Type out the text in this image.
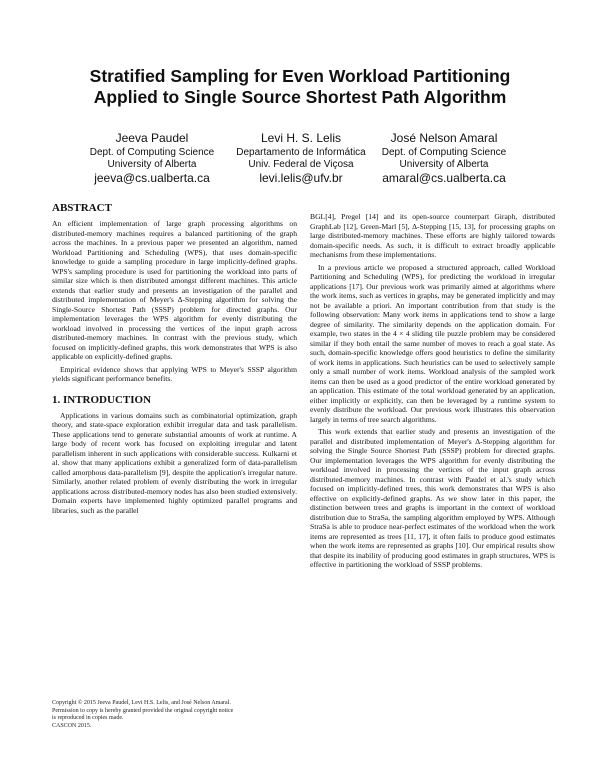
Stratified Sampling for Even Workload Partitioning
Applied to Single Source Shortest Path Algorithm
Jeeva Paudel
Dept. of Computing Science
University of Alberta
jeeva@cs.ualberta.ca
Levi H. S. Lelis
Departamento de Informática
Univ. Federal de Viçosa
levi.lelis@ufv.br
José Nelson Amaral
Dept. of Computing Science
University of Alberta
amaral@cs.ualberta.ca
ABSTRACT

An efficient implementation of large graph processing algorithms on distributed-memory machines requires a balanced partitioning of the graph across the machines. In a previous paper we presented an algorithm, named Workload Partitioning and Scheduling (WPS), that uses domain-specific knowledge to guide a sampling procedure in large implicitly-defined graphs. WPS's sampling procedure is used for partitioning the workload into parts of similar size which is then distributed amongst different machines. This article extends that earlier study and presents an investigation of the parallel and distributed implementation of Meyer's Δ-Stepping algorithm for solving the Single-Source Shortest Path (SSSP) problem for directed graphs. Our implementation leverages the WPS algorithm for evenly distributing the workload involved in processing the vertices of the input graph across distributed-memory machines. In contrast with the previous study, which focused on implicitly-defined graphs, this work demonstrates that WPS is also applicable on explicitly-defined graphs.

Empirical evidence shows that applying WPS to Meyer's SSSP algorithm yields significant performance benefits.

1. INTRODUCTION

Applications in various domains such as combinatorial optimization, graph theory, and state-space exploration exhibit irregular data and task parallelism. These applications tend to generate substantial amounts of work at runtime. A large body of recent work has focused on exploiting irregular and latent parallelism inherent in such applications with considerable success. Kulkarni et al. show that many applications exhibit a generalized form of data-parallelism called amorphous data-parallelism [9], despite the application's irregular nature. Similarly, another related problem of evenly distributing the work in irregular applications across distributed-memory nodes has also been studied extensively. Domain experts have implemented highly optimized parallel programs and libraries, such as the parallel

BGL[4], Pregel [14] and its open-source counterpart Giraph, distributed GraphLab [12], Green-Marl [5], Δ-Stepping [15, 13], for processing graphs on large distributed-memory machines. These efforts are highly tailored towards domain-specific needs. As such, it is difficult to extract broadly applicable mechanisms from these implementations.

In a previous article we proposed a structured approach, called Workload Partitioning and Scheduling (WPS), for predicting the workload in irregular applications [17]. Our previous work was primarily aimed at algorithms where the work items, such as vertices in graphs, may be generated implicitly and may not be available a priori. An important contribution from that study is the following observation: Many work items in applications tend to show a large degree of similarity. The similarity depends on the application domain. For example, two states in the 4 × 4 sliding tile puzzle problem may be considered similar if they both entail the same number of moves to reach a goal state. As such, domain-specific knowledge offers good heuristics to define the similarity of work items in applications. Such heuristics can be used to selectively sample only a small number of work items. Workload analysis of the sampled work items can then be used as a good predictor of the entire workload generated by an application. This estimate of the total workload generated by an application, either implicitly or explicitly, can then be leveraged by a runtime system to evenly distribute the workload. Our previous work illustrates this observation largely in terms of tree search algorithms.

This work extends that earlier study and presents an investigation of the parallel and distributed implementation of Meyer's Δ-Stepping algorithm for solving the Single Source Shortest Path (SSSP) problem for directed graphs. Our implementation leverages the WPS algorithm for evenly distributing the workload involved in processing the vertices of the input graph across distributed-memory machines. In contrast with Paudel et al.'s study which focused on implicitly-defined trees, this work demonstrates that WPS is also effective on explicitly-defined graphs. As we show later in this paper, the distinction between trees and graphs is important in the context of workload distribution due to StraSa, the sampling algorithm employed by WPS. Although StraSa is able to produce near-perfect estimates of the workload when the work items are represented as trees [11, 17], it often fails to produce good estimates when the work items are represented as graphs [10]. Our empirical results show that despite its inability of producing good estimates in graph structures, WPS is effective in partitioning the workload of SSSP problems.

Copyright © 2015 Jeeva Paudel, Levi H.S. Lelis, and José Nelson Amaral.
Permission to copy is hereby granted provided the original copyright notice
is reproduced in copies made.
CASCON 2015.
